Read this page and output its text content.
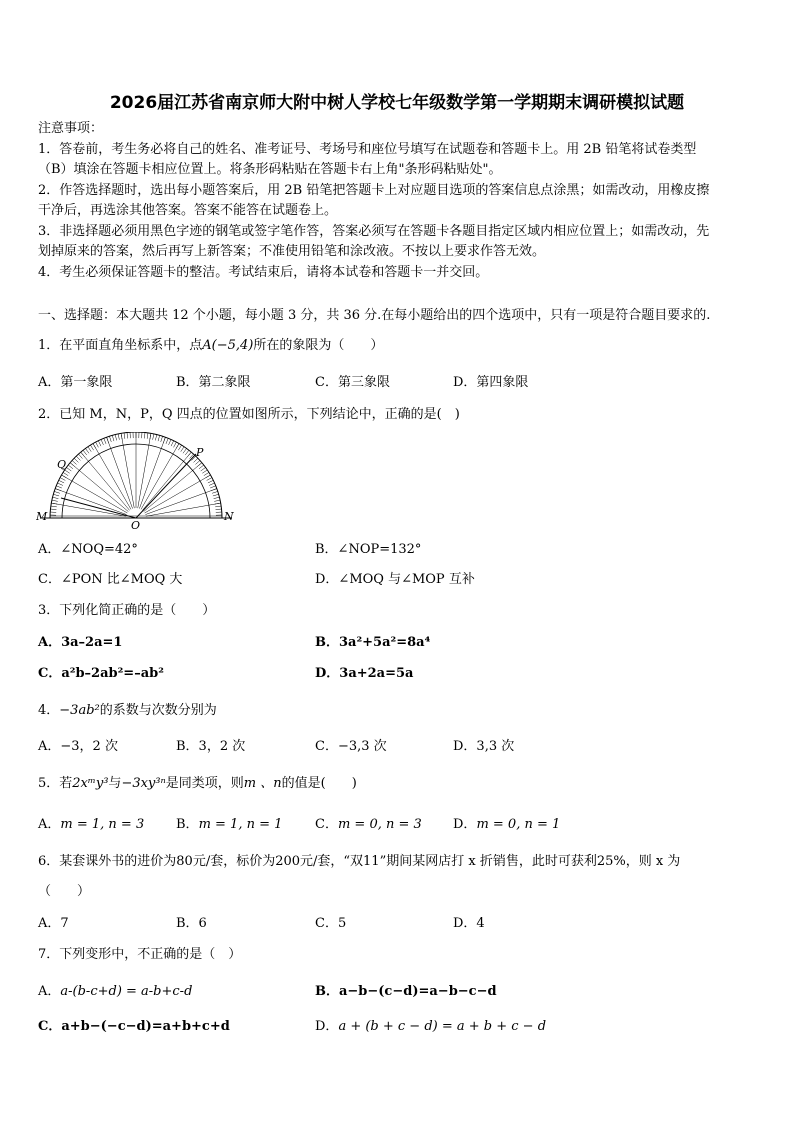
2026届江苏省南京师大附中树人学校七年级数学第一学期期末调研模拟试题
注意事项：
1．答卷前，考生务必将自己的姓名、准考证号、考场号和座位号填写在试题卷和答题卡上。用 2B 铅笔将试卷类型
（B）填涂在答题卡相应位置上。将条形码粘贴在答题卡右上角"条形码粘贴处"。
2．作答选择题时，选出每小题答案后，用 2B 铅笔把答题卡上对应题目选项的答案信息点涂黑；如需改动，用橡皮擦
干净后，再选涂其他答案。答案不能答在试题卷上。
3．非选择题必须用黑色字迹的钢笔或签字笔作答，答案必须写在答题卡各题目指定区域内相应位置上；如需改动，先
划掉原来的答案，然后再写上新答案；不准使用铅笔和涂改液。不按以上要求作答无效。
4．考生必须保证答题卡的整洁。考试结束后，请将本试卷和答题卡一并交回。
一、选择题：本大题共 12 个小题，每小题 3 分，共 36 分.在每小题给出的四个选项中，只有一项是符合题目要求的.
1．在平面直角坐标系中，点A(−5,4)所在的象限为（　　）
A．第一象限	B．第二象限	C．第三象限	D．第四象限
2．已知 M，N，P，Q 四点的位置如图所示，下列结论中，正确的是(　)
Q
P
M	N
O
A．∠NOQ=42°	B．∠NOP=132°
C．∠PON 比∠MOQ 大	D．∠MOQ 与∠MOP 互补
3．下列化简正确的是（　　）
A．3a–2a=1	B．3a²+5a²=8a⁴
C．a²b–2ab²=–ab²	D．3a+2a=5a
4．−3ab²的系数与次数分别为
A．−3，2 次	B．3，2 次	C．−3,3 次	D．3,3 次
5．若2xᵐy³与−3xy³ⁿ是同类项，则m 、n的值是(　　)
A．m = 1, n = 3 B．m = 1, n = 1	C．m = 0, n = 3 D．m = 0, n = 1
6．某套课外书的进价为80元/套，标价为200元/套，“双11”期间某网店打 x 折销售，此时可获利25%，则 x 为
（　　）
A．7	B．6	C．5	D．4
7．下列变形中，不正确的是（　）
A．a-(b-c+d) = a-b+c-d	B．a−b−(c−d)=a−b−c−d
C．a+b−(−c−d)=a+b+c+d	D．a + (b + c − d) = a + b + c − d
